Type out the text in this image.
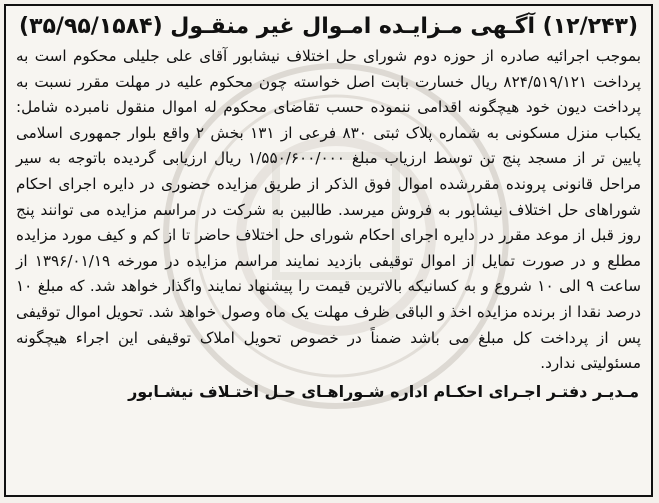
(۱۲/۲۴۳) آگـهی مـزایـده امـوال غیر منقـول (۳۵/۹۵/۱۵۸۴)

بموجب اجرائیه صادره از حوزه دوم شورای حل اختلاف نیشابور آقای علی جلیلی محکوم است به پرداخت ۸۲۴/۵۱۹/۱۲۱ ریال خسارت بابت اصل خواسته چون محکوم علیه در مهلت مقرر نسبت به پرداخت دیون خود هیچگونه اقدامی ننموده حسب تقاضای محکوم له اموال منقول نامبرده شامل: یکباب منزل مسکونی به شماره پلاک ثبتی ۸۳۰ فرعی از ۱۳۱ بخش ۲ واقع بلوار جمهوری اسلامی پایین تر از مسجد پنج تن توسط ارزیاب مبلغ ۱/۵۵۰/۶۰۰/۰۰۰ ریال ارزیابی گردیده باتوجه به سیر مراحل قانونی پرونده مقررشده اموال فوق الذکر از طریق مزایده حضوری در دایره اجرای احکام شوراهای حل اختلاف نیشابور به فروش میرسد. طالبین به شرکت در مراسم مزایده می توانند پنج روز قبل از موعد مقرر در دایره اجرای احکام شورای حل اختلاف حاضر تا از کم و کیف مورد مزایده مطلع و در صورت تمایل از اموال توقیفی بازدید نمایند مراسم مزایده در مورخه ۱۳۹۶/۰۱/۱۹ از ساعت ۹ الی ۱۰ شروع و به کسانیکه بالاترین قیمت را پیشنهاد نمایند واگذار خواهد شد. که مبلغ ۱۰ درصد نقدا از برنده مزایده اخذ و الباقی ظرف مهلت یک ماه وصول خواهد شد. تحویل اموال توقیفی پس از پرداخت کل مبلغ می باشد ضمناً در خصوص تحویل املاک توقیفی این اجراء هیچگونه مسئولیتی ندارد.

مـدیـر دفتـر اجـرای احکـام اداره شـوراهـای حـل اختـلاف نیشـابور
